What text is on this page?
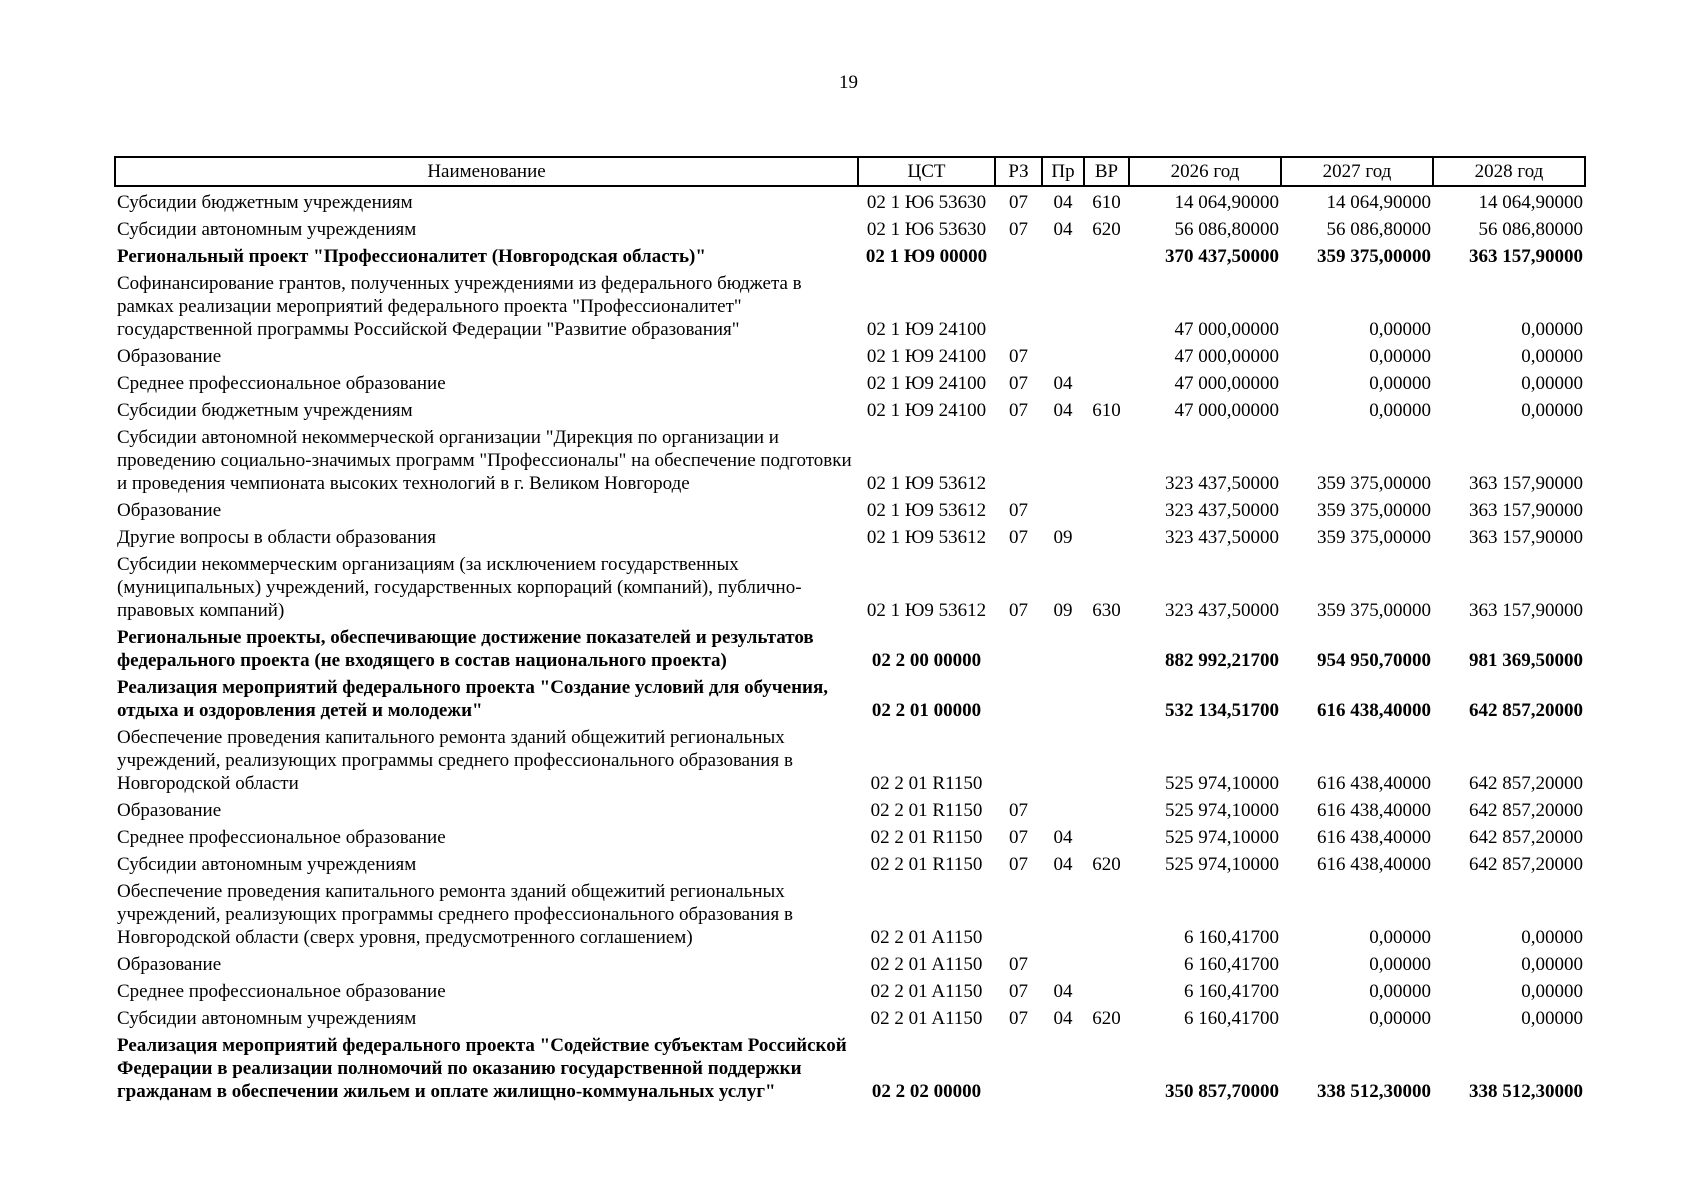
19
Наименование	ЦСТ	РЗ	Пр	ВР	2026 год	2027 год	2028 год
Субсидии бюджетным учреждениям	02 1 Ю6 53630	07	04	610	14 064,90000	14 064,90000	14 064,90000
Субсидии автономным учреждениям	02 1 Ю6 53630	07	04	620	56 086,80000	56 086,80000	56 086,80000
Региональный проект "Профессионалитет (Новгородская область)"	02 1 Ю9 00000				370 437,50000	359 375,00000	363 157,90000
Софинансирование грантов, полученных учреждениями из федерального бюджета в рамках реализации мероприятий федерального проекта "Профессионалитет" государственной программы Российской Федерации "Развитие образования"	02 1 Ю9 24100				47 000,00000	0,00000	0,00000
Образование	02 1 Ю9 24100	07			47 000,00000	0,00000	0,00000
Среднее профессиональное образование	02 1 Ю9 24100	07	04		47 000,00000	0,00000	0,00000
Субсидии бюджетным учреждениям	02 1 Ю9 24100	07	04	610	47 000,00000	0,00000	0,00000
Субсидии автономной некоммерческой организации "Дирекция по организации и проведению социально-значимых программ "Профессионалы" на обеспечение подготовки и проведения чемпионата высоких технологий в г. Великом Новгороде	02 1 Ю9 53612				323 437,50000	359 375,00000	363 157,90000
Образование	02 1 Ю9 53612	07			323 437,50000	359 375,00000	363 157,90000
Другие вопросы в области образования	02 1 Ю9 53612	07	09		323 437,50000	359 375,00000	363 157,90000
Субсидии некоммерческим организациям (за исключением государственных (муниципальных) учреждений, государственных корпораций (компаний), публично-правовых компаний)	02 1 Ю9 53612	07	09	630	323 437,50000	359 375,00000	363 157,90000
Региональные проекты, обеспечивающие достижение показателей и результатов федерального проекта (не входящего в состав национального проекта)	02 2 00 00000				882 992,21700	954 950,70000	981 369,50000
Реализация мероприятий федерального проекта "Создание условий для обучения, отдыха и оздоровления детей и молодежи"	02 2 01 00000				532 134,51700	616 438,40000	642 857,20000
Обеспечение проведения капитального ремонта зданий общежитий региональных учреждений, реализующих программы среднего профессионального образования в Новгородской области	02 2 01 R1150				525 974,10000	616 438,40000	642 857,20000
Образование	02 2 01 R1150	07			525 974,10000	616 438,40000	642 857,20000
Среднее профессиональное образование	02 2 01 R1150	07	04		525 974,10000	616 438,40000	642 857,20000
Субсидии автономным учреждениям	02 2 01 R1150	07	04	620	525 974,10000	616 438,40000	642 857,20000
Обеспечение проведения капитального ремонта зданий общежитий региональных учреждений, реализующих программы среднего профессионального образования в Новгородской области (сверх уровня, предусмотренного соглашением)	02 2 01 A1150				6 160,41700	0,00000	0,00000
Образование	02 2 01 A1150	07			6 160,41700	0,00000	0,00000
Среднее профессиональное образование	02 2 01 A1150	07	04		6 160,41700	0,00000	0,00000
Субсидии автономным учреждениям	02 2 01 A1150	07	04	620	6 160,41700	0,00000	0,00000
Реализация мероприятий федерального проекта "Содействие субъектам Российской Федерации в реализации полномочий по оказанию государственной поддержки гражданам в обеспечении жильем и оплате жилищно-коммунальных услуг"	02 2 02 00000				350 857,70000	338 512,30000	338 512,30000
